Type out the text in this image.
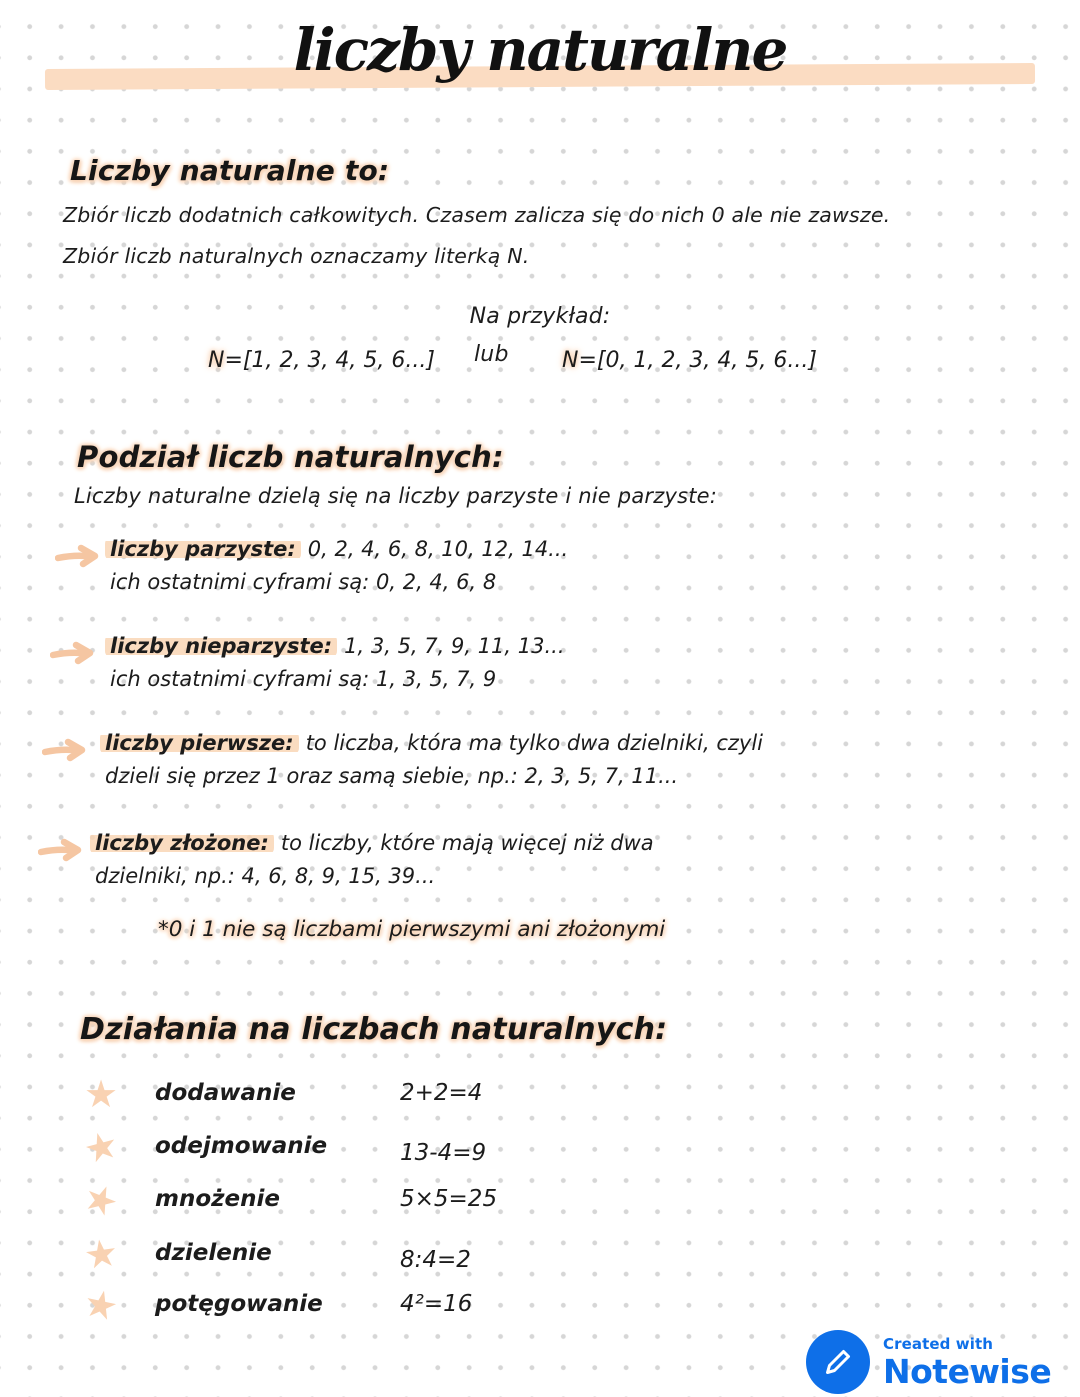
liczby naturalne
Liczby naturalne to:
Zbiór liczb dodatnich całkowitych. Czasem zalicza się do nich 0 ale nie zawsze.
Zbiór liczb naturalnych oznaczamy literką N.
Na przykład:
N=[1, 2, 3, 4, 5, 6...] lub N=[0, 1, 2, 3, 4, 5, 6...]
Podział liczb naturalnych:
Liczby naturalne dzielą się na liczby parzyste i nie parzyste:
liczby parzyste: 0, 2, 4, 6, 8, 10, 12, 14...
ich ostatnimi cyframi są: 0, 2, 4, 6, 8
liczby nieparzyste: 1, 3, 5, 7, 9, 11, 13...
ich ostatnimi cyframi są: 1, 3, 5, 7, 9
liczby pierwsze: to liczba, która ma tylko dwa dzielniki, czyli
dzieli się przez 1 oraz samą siebie, np.: 2, 3, 5, 7, 11...
liczby złożone: to liczby, które mają więcej niż dwa
dzielniki, np.: 4, 6, 8, 9, 15, 39...
*0 i 1 nie są liczbami pierwszymi ani złożonymi
Działania na liczbach naturalnych:
★ dodawanie	2+2=4
★ odejmowanie	13-4=9
★ mnożenie	5×5=25
★ dzielenie	8:4=2
★ potęgowanie	4²=16
Created with
Notewise
